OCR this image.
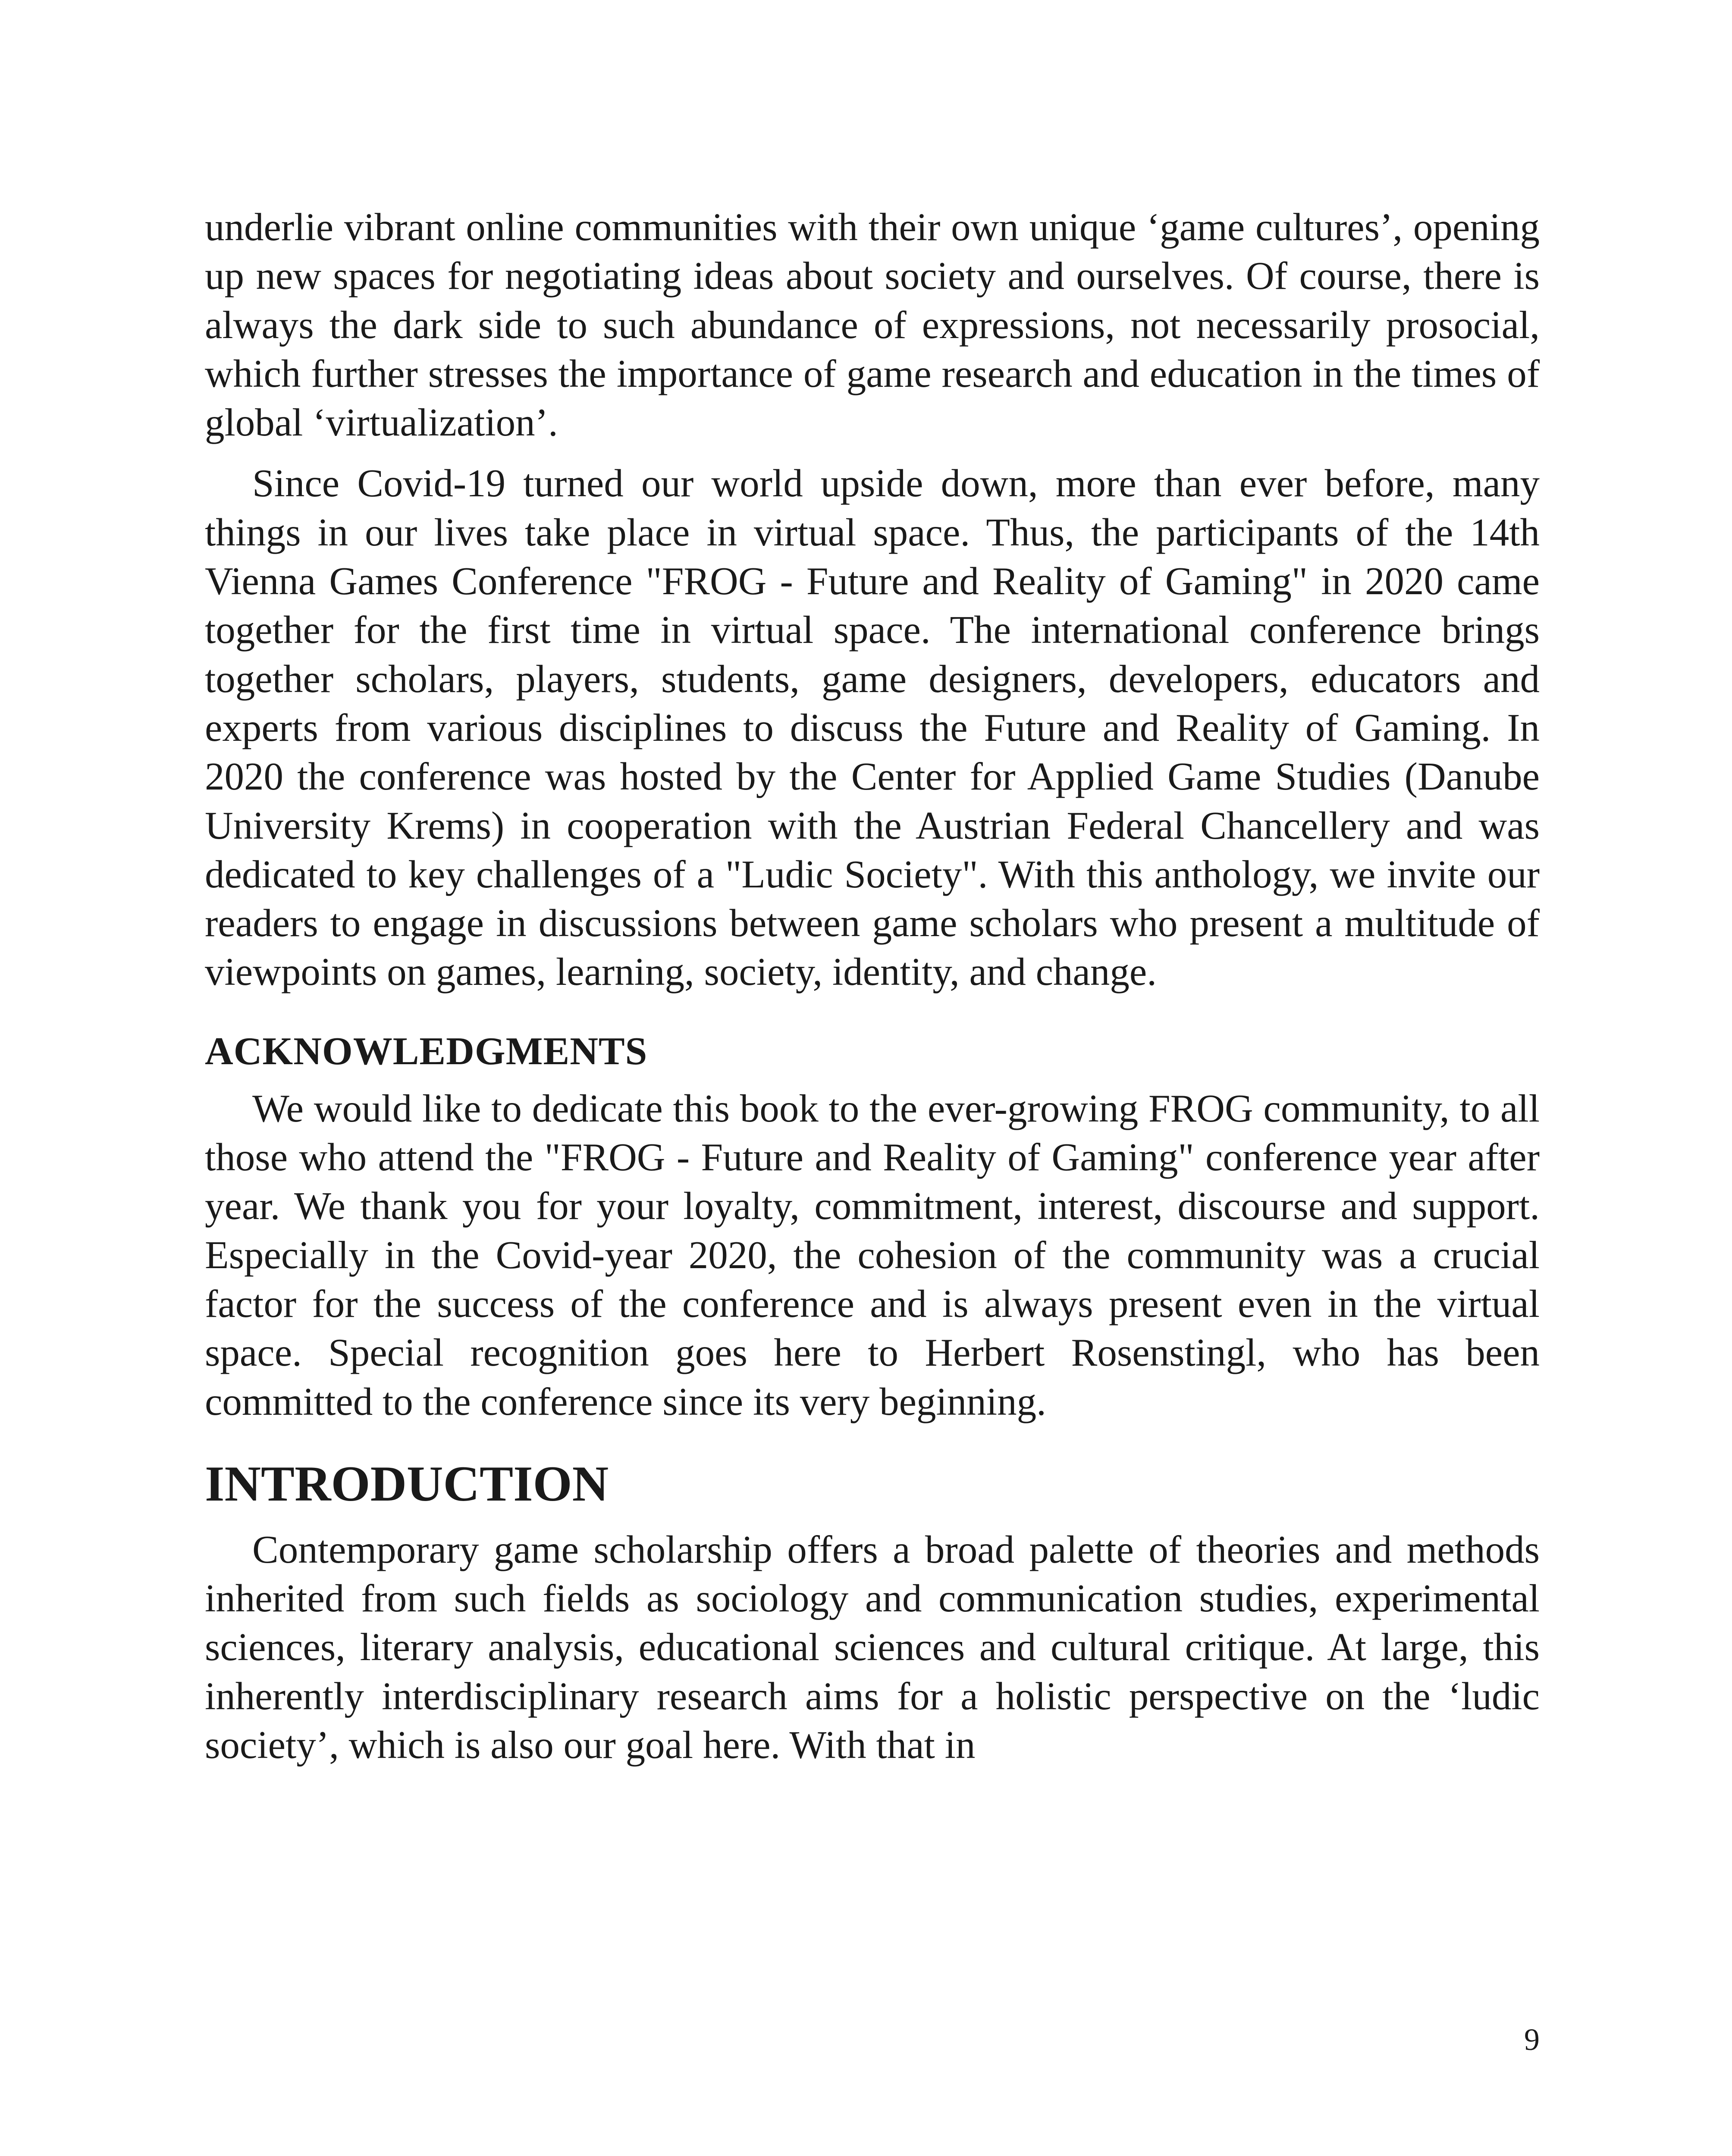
underlie vibrant online communities with their own unique ‘game cultures’, opening up new spaces for negotiating ideas about society and ourselves. Of course, there is always the dark side to such abundance of expressions, not necessarily prosocial, which further stresses the importance of game research and education in the times of global ‘virtualization’.

Since Covid-19 turned our world upside down, more than ever before, many things in our lives take place in virtual space. Thus, the participants of the 14th Vienna Games Conference "FROG - Future and Reality of Gaming" in 2020 came together for the first time in virtual space. The international conference brings together scholars, players, students, game designers, developers, educators and experts from various disciplines to discuss the Future and Reality of Gaming. In 2020 the conference was hosted by the Center for Applied Game Studies (Danube University Krems) in cooperation with the Austrian Federal Chancellery and was dedicated to key challenges of a "Ludic Society". With this anthology, we invite our readers to engage in discussions between game scholars who present a multitude of viewpoints on games, learning, society, identity, and change.

ACKNOWLEDGMENTS

We would like to dedicate this book to the ever-growing FROG community, to all those who attend the "FROG - Future and Reality of Gaming" conference year after year. We thank you for your loyalty, commitment, interest, discourse and support. Especially in the Covid-year 2020, the cohesion of the community was a crucial factor for the success of the conference and is always present even in the virtual space. Special recognition goes here to Herbert Rosenstingl, who has been committed to the conference since its very beginning.

INTRODUCTION

Contemporary game scholarship offers a broad palette of theories and methods inherited from such fields as sociology and communication studies, experimental sciences, literary analysis, educational sciences and cultural critique. At large, this inherently interdisciplinary research aims for a holistic perspective on the ‘ludic society’, which is also our goal here. With that in

9
